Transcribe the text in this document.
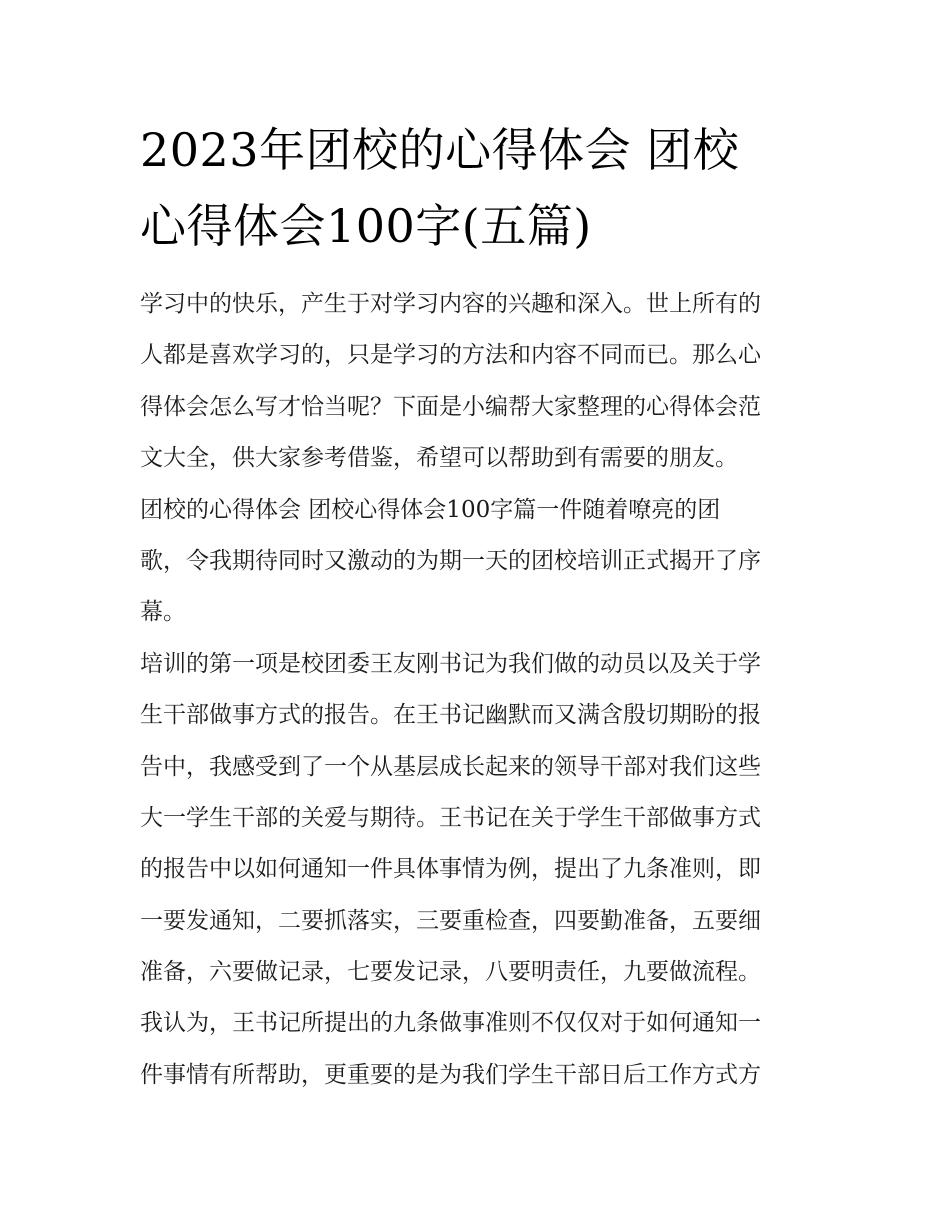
2023年团校的心得体会 团校
心得体会100字(五篇)
学习中的快乐，产生于对学习内容的兴趣和深入。世上所有的
人都是喜欢学习的，只是学习的方法和内容不同而已。那么心
得体会怎么写才恰当呢？下面是小编帮大家整理的心得体会范
文大全，供大家参考借鉴，希望可以帮助到有需要的朋友。
团校的心得体会 团校心得体会100字篇一件随着嘹亮的团
歌，令我期待同时又激动的为期一天的团校培训正式揭开了序
幕。
培训的第一项是校团委王友刚书记为我们做的动员以及关于学
生干部做事方式的报告。在王书记幽默而又满含殷切期盼的报
告中，我感受到了一个从基层成长起来的领导干部对我们这些
大一学生干部的关爱与期待。王书记在关于学生干部做事方式
的报告中以如何通知一件具体事情为例，提出了九条准则，即
一要发通知，二要抓落实，三要重检查，四要勤准备，五要细
准备，六要做记录，七要发记录，八要明责任，九要做流程。
我认为，王书记所提出的九条做事准则不仅仅对于如何通知一
件事情有所帮助，更重要的是为我们学生干部日后工作方式方
